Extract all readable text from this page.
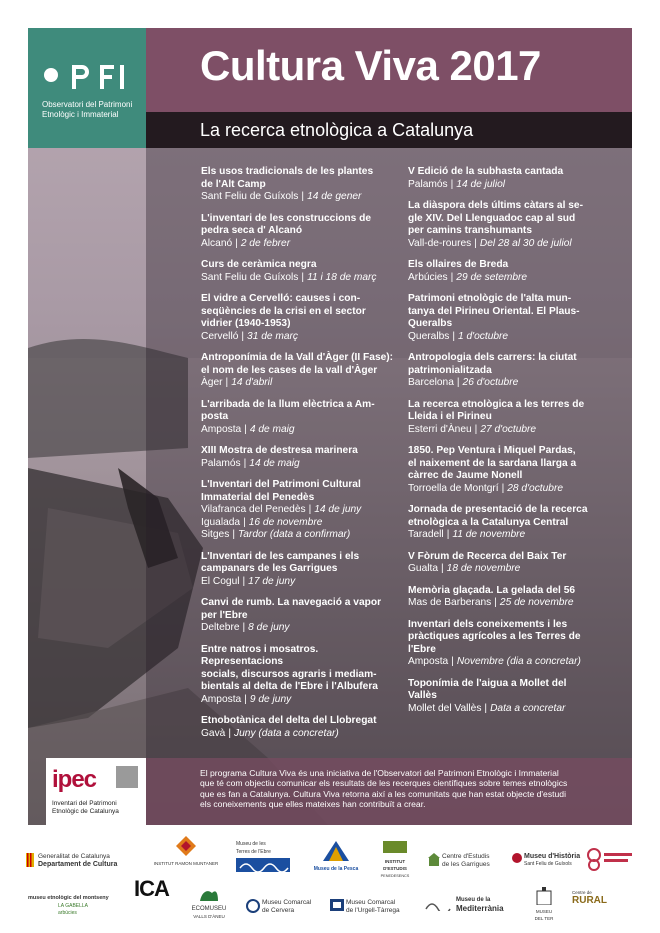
Observatori del Patrimoni
Etnològic i Immaterial
Cultura Viva 2017
La recerca etnològica a Catalunya
Els usos tradicionals de les plantes
de l'Alt Camp
Sant Feliu de Guíxols | 14 de gener
L'inventari de les construccions de
pedra seca d' Alcanó
Alcanó | 2 de febrer
Curs de ceràmica negra
Sant Feliu de Guíxols | 11 i 18 de març
El vidre a Cervelló: causes i con-
seqüències de la crisi en el sector
vidrier (1940-1953)
Cervelló | 31 de març
Antroponímia de la Vall d'Àger (II Fase):
el nom de les cases de la vall d'Àger
Àger | 14 d'abril
L'arribada de la llum elèctrica a Am-
posta
Amposta | 4 de maig
XIII Mostra de destresa marinera
Palamós | 14 de maig
L'Inventari del Patrimoni Cultural
Immaterial del Penedès
Vilafranca del Penedès | 14 de juny
Igualada | 16 de novembre
Sitges | Tardor (data a confirmar)
L'Inventari de les campanes i els
campanars de les Garrigues
El Cogul | 17 de juny
Canvi de rumb. La navegació a vapor
per l'Ebre
Deltebre | 8 de juny
Entre natros i mosatros. Representacions
socials, discursos agraris i mediam-
bientals al delta de l'Ebre i l'Albufera
Amposta | 9 de juny
Etnobotànica del delta del Llobregat
Gavà | Juny (data a concretar)
V Edició de la subhasta cantada
Palamós | 14 de juliol
La diàspora dels últims càtars al se-
gle XIV. Del Llenguadoc cap al sud
per camins transhumants
Vall-de-roures | Del 28 al 30 de juliol
Els ollaires de Breda
Arbúcies | 29 de setembre
Patrimoni etnològic de l'alta mun-
tanya del Pirineu Oriental. El Plaus-
Queralbs
Queralbs | 1 d'octubre
Antropologia dels carrers: la ciutat
patrimonialitzada
Barcelona | 26 d'octubre
La recerca etnològica a les terres de
Lleida i el Pirineu
Esterri d'Àneu | 27 d'octubre
1850. Pep Ventura i Miquel Pardas,
el naixement de la sardana llarga a
càrrec de Jaume Nonell
Torroella de Montgrí | 28 d'octubre
Jornada de presentació de la recerca
etnològica a la Catalunya Central
Taradell | 11 de novembre
V Fòrum de Recerca del Baix Ter
Gualta | 18 de novembre
Memòria glaçada. La gelada del 56
Mas de Barberans | 25 de novembre
Inventari dels coneixements i les
pràctiques agrícoles a les Terres de
l'Ebre
Amposta | Novembre (dia a concretar)
Toponímia de l'aigua a Mollet del
Vallès
Mollet del Vallès | Data a concretar
ipec
Inventari del Patrimoni
Etnològic de Catalunya
El programa Cultura Viva és una iniciativa de l'Observatori del Patrimoni Etnològic i Immaterial
que té com objectiu comunicar els resultats de les recerques científiques sobre temes etnològics
que es fan a Catalunya. Cultura Viva retorna així a les comunitats que han estat objecte d'estudi
els coneixements que elles mateixes han contribuït a crear.
Generalitat de Catalunya
Departament de Cultura	INSTITUT RAMON MUNTANER
Museu de les
Terres de l'Ebre
Museu de la Pesca
INSTITUT
D'ESTUDIS
PENEDESENCS
Centre d'Estudis
de les Garrigues
Museu d'Història
Sant Feliu de Guíxols
museu etnològic del montseny
LA GABELLA
arbúcies
ICA
ECOMUSEU
VALLS D'ÀNEU
Museu Comarcal
de Cervera
Museu Comarcal
de l'Urgell-Tàrrega
Museu de la
Mediterrània	MUSEU
DEL TER
Centre de
RURAL
